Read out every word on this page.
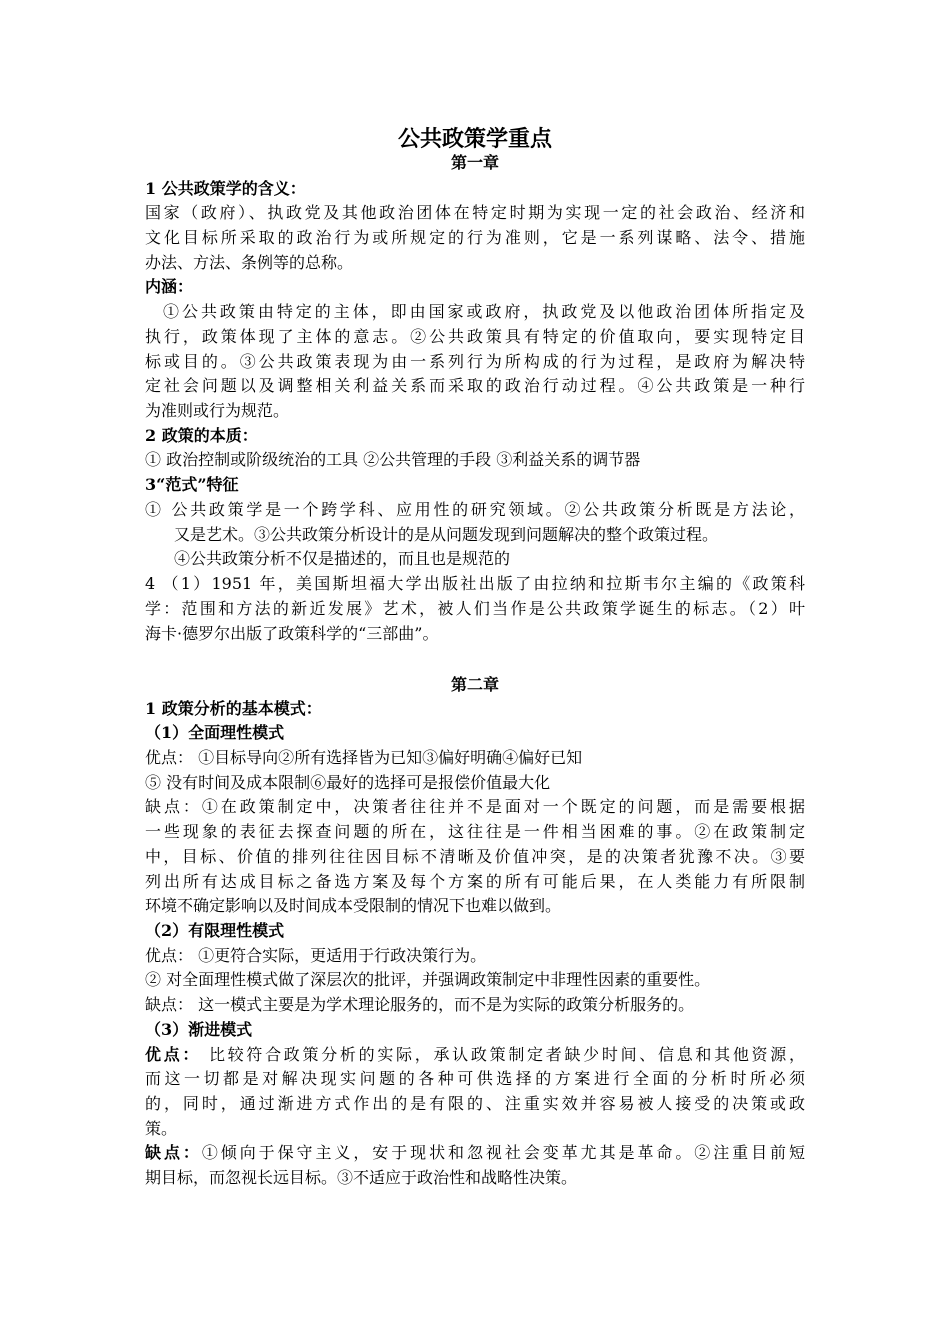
公共政策学重点
第一章
1 公共政策学的含义：
国家（政府）、执政党及其他政治团体在特定时期为实现一定的社会政治、经济和
文化目标所采取的政治行为或所规定的行为准则，它是一系列谋略、法令、措施
办法、方法、条例等的总称。
内涵：
①公共政策由特定的主体，即由国家或政府，执政党及以他政治团体所指定及
执行，政策体现了主体的意志。②公共政策具有特定的价值取向，要实现特定目
标或目的。③公共政策表现为由一系列行为所构成的行为过程，是政府为解决特
定社会问题以及调整相关利益关系而采取的政治行动过程。④公共政策是一种行
为准则或行为规范。
2 政策的本质：
① 政治控制或阶级统治的工具 ②公共管理的手段 ③利益关系的调节器
3“范式”特征
① 公共政策学是一个跨学科、应用性的研究领域。②公共政策分析既是方法论，
又是艺术。③公共政策分析设计的是从问题发现到问题解决的整个政策过程。
④公共政策分析不仅是描述的，而且也是规范的
4 （1）1951 年，美国斯坦福大学出版社出版了由拉纳和拉斯韦尔主编的《政策科
学：范围和方法的新近发展》艺术，被人们当作是公共政策学诞生的标志。（2）叶
海卡·德罗尔出版了政策科学的“三部曲”。
第二章
1 政策分析的基本模式：
（1）全面理性模式
优点： ①目标导向②所有选择皆为已知③偏好明确④偏好已知
⑤ 没有时间及成本限制⑥最好的选择可是报偿价值最大化
缺点：①在政策制定中，决策者往往并不是面对一个既定的问题，而是需要根据
一些现象的表征去探查问题的所在，这往往是一件相当困难的事。②在政策制定
中，目标、价值的排列往往因目标不清晰及价值冲突，是的决策者犹豫不决。③要
列出所有达成目标之备选方案及每个方案的所有可能后果，在人类能力有所限制
环境不确定影响以及时间成本受限制的情况下也难以做到。
（2）有限理性模式
优点： ①更符合实际，更适用于行政决策行为。
② 对全面理性模式做了深层次的批评，并强调政策制定中非理性因素的重要性。
缺点： 这一模式主要是为学术理论服务的，而不是为实际的政策分析服务的。
（3）渐进模式
优点： 比较符合政策分析的实际，承认政策制定者缺少时间、信息和其他资源，
而这一切都是对解决现实问题的各种可供选择的方案进行全面的分析时所必须
的，同时，通过渐进方式作出的是有限的、注重实效并容易被人接受的决策或政
策。
缺点：①倾向于保守主义，安于现状和忽视社会变革尤其是革命。②注重目前短
期目标，而忽视长远目标。③不适应于政治性和战略性决策。
